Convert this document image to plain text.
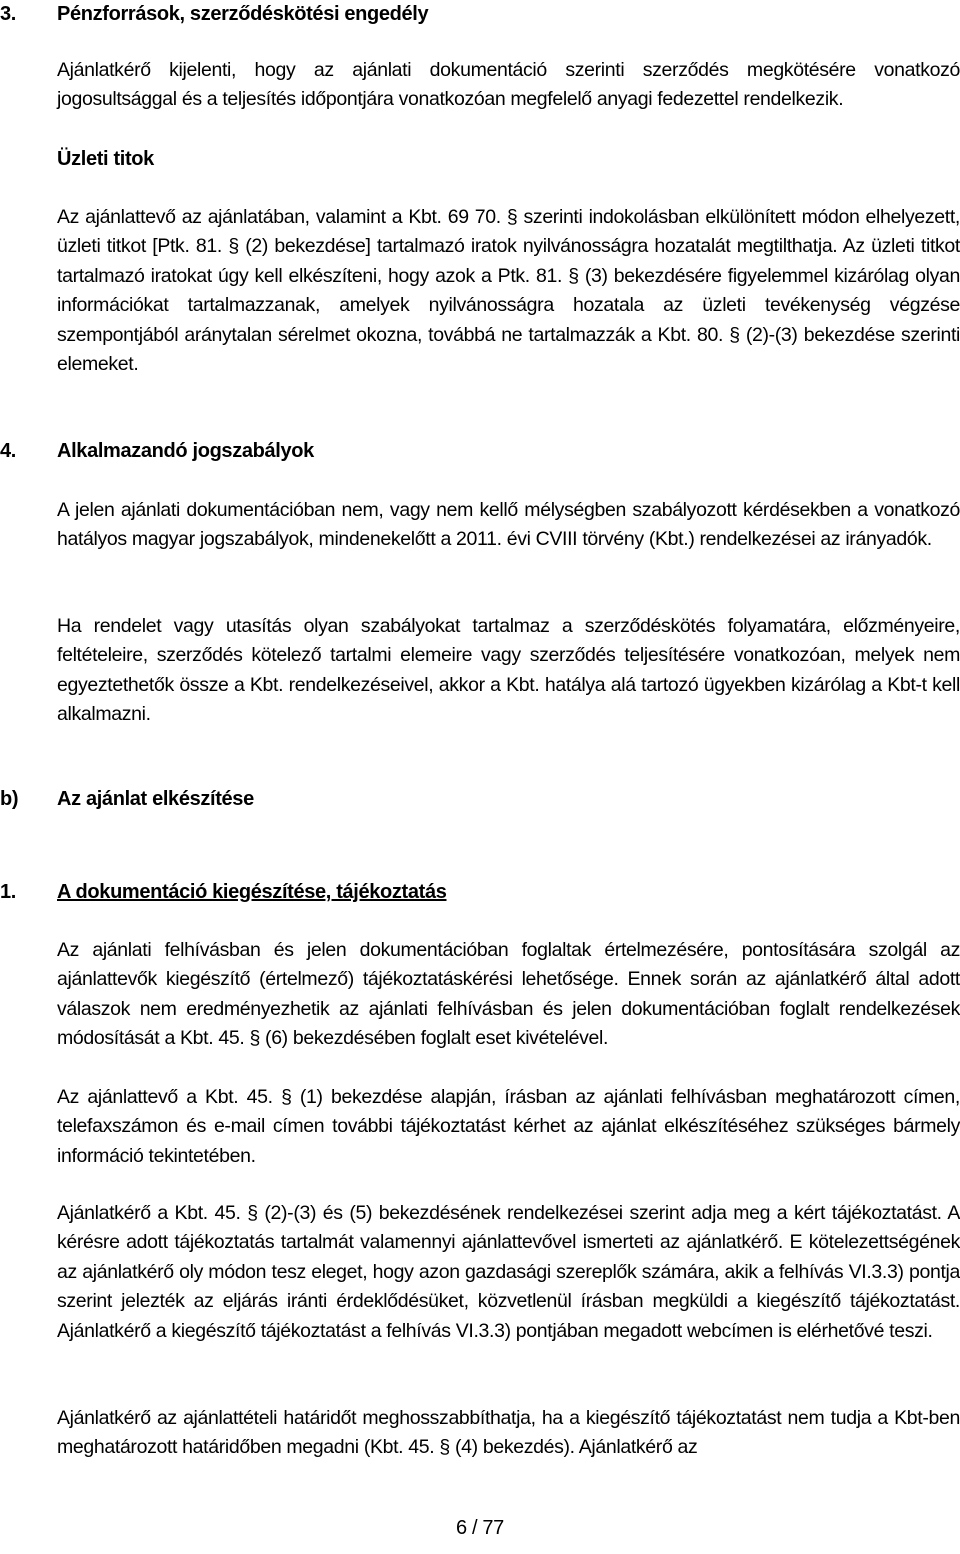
3. Pénzforrások, szerződéskötési engedély

Ajánlatkérő kijelenti, hogy az ajánlati dokumentáció szerinti szerződés megkötésére vonatkozó jogosultsággal és a teljesítés időpontjára vonatkozóan megfelelő anyagi fedezettel rendelkezik.

Üzleti titok

Az ajánlattevő az ajánlatában, valamint a Kbt. 69 70. § szerinti indokolásban elkülönített módon elhelyezett, üzleti titkot [Ptk. 81. § (2) bekezdése] tartalmazó iratok nyilvánosságra hozatalát megtilthatja. Az üzleti titkot tartalmazó iratokat úgy kell elkészíteni, hogy azok a Ptk. 81. § (3) bekezdésére figyelemmel kizárólag olyan információkat tartalmazzanak, amelyek nyilvánosságra hozatala az üzleti tevékenység végzése szempontjából aránytalan sérelmet okozna, továbbá ne tartalmazzák a Kbt. 80. § (2)-(3) bekezdése szerinti elemeket.

4. Alkalmazandó jogszabályok

A jelen ajánlati dokumentációban nem, vagy nem kellő mélységben szabályozott kérdésekben a vonatkozó hatályos magyar jogszabályok, mindenekelőtt a 2011. évi CVIII törvény (Kbt.) rendelkezései az irányadók.

Ha rendelet vagy utasítás olyan szabályokat tartalmaz a szerződéskötés folyamatára, előzményeire, feltételeire, szerződés kötelező tartalmi elemeire vagy szerződés teljesítésére vonatkozóan, melyek nem egyeztethetők össze a Kbt. rendelkezéseivel, akkor a Kbt. hatálya alá tartozó ügyekben kizárólag a Kbt-t kell alkalmazni.

b) Az ajánlat elkészítése
1. A dokumentáció kiegészítése, tájékoztatás

Az ajánlati felhívásban és jelen dokumentációban foglaltak értelmezésére, pontosítására szolgál az ajánlattevők kiegészítő (értelmező) tájékoztatáskérési lehetősége. Ennek során az ajánlatkérő által adott válaszok nem eredményezhetik az ajánlati felhívásban és jelen dokumentációban foglalt rendelkezések módosítását a Kbt. 45. § (6) bekezdésében foglalt eset kivételével.

Az ajánlattevő a Kbt. 45. § (1) bekezdése alapján, írásban az ajánlati felhívásban meghatározott címen, telefaxszámon és e-mail címen további tájékoztatást kérhet az ajánlat elkészítéséhez szükséges bármely információ tekintetében.

Ajánlatkérő a Kbt. 45. § (2)-(3) és (5) bekezdésének rendelkezései szerint adja meg a kért tájékoztatást. A kérésre adott tájékoztatás tartalmát valamennyi ajánlattevővel ismerteti az ajánlatkérő. E kötelezettségének az ajánlatkérő oly módon tesz eleget, hogy azon gazdasági szereplők számára, akik a felhívás VI.3.3) pontja szerint jelezték az eljárás iránti érdeklődésüket, közvetlenül írásban megküldi a kiegészítő tájékoztatást. Ajánlatkérő a kiegészítő tájékoztatást a felhívás VI.3.3) pontjában megadott webcímen is elérhetővé teszi.

Ajánlatkérő az ajánlattételi határidőt meghosszabbíthatja, ha a kiegészítő tájékoztatást nem tudja a Kbt-ben meghatározott határidőben megadni (Kbt. 45. § (4) bekezdés). Ajánlatkérő az

6 / 77
